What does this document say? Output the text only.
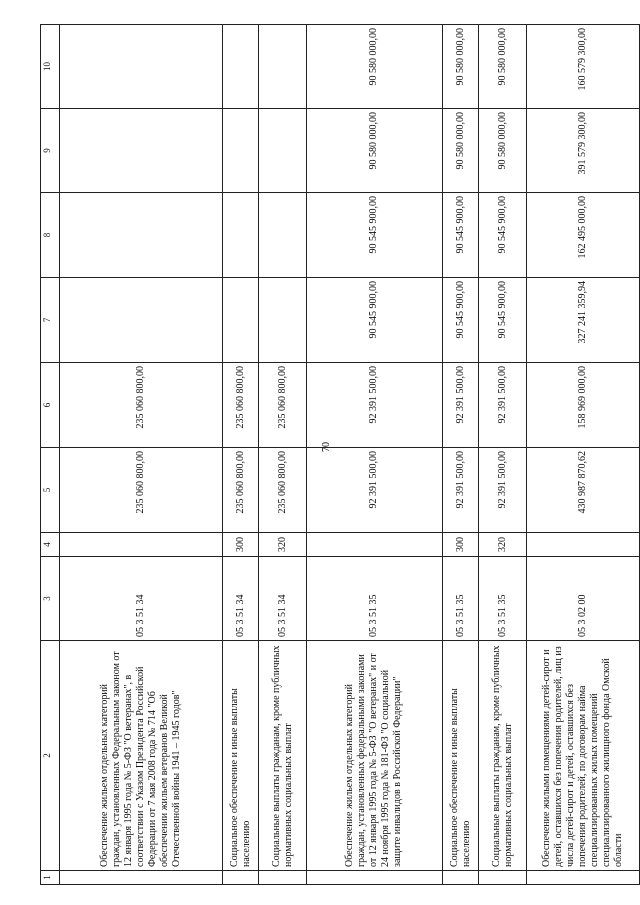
70
1	2	3	4	5	6	7	8	9	10
	Обеспечение жильем отдельных категорий граждан, установленных Федеральным законом от 12 января 1995 года № 5-ФЗ "О ветеранах", в соответствии с Указом Президента Российской Федерации от 7 мая 2008 года № 714 "Об обеспечении жильем ветеранов Великой Отечественной войны 1941 – 1945 годов"	05 3 51 34		235 060 800,00	235 060 800,00				
	Социальное обеспечение и иные выплаты населению	05 3 51 34	300	235 060 800,00	235 060 800,00				
	Социальные выплаты гражданам, кроме публичных нормативных социальных выплат	05 3 51 34	320	235 060 800,00	235 060 800,00				
	Обеспечение жильем отдельных категорий граждан, установленных федеральными законами от 12 января 1995 года № 5-ФЗ "О ветеранах" и от 24 ноября 1995 года № 181-ФЗ "О социальной защите инвалидов в Российской Федерации"	05 3 51 35		92 391 500,00	92 391 500,00	90 545 900,00	90 545 900,00	90 580 000,00	90 580 000,00
	Социальное обеспечение и иные выплаты населению	05 3 51 35	300	92 391 500,00	92 391 500,00	90 545 900,00	90 545 900,00	90 580 000,00	90 580 000,00
	Социальные выплаты гражданам, кроме публичных нормативных социальных выплат	05 3 51 35	320	92 391 500,00	92 391 500,00	90 545 900,00	90 545 900,00	90 580 000,00	90 580 000,00
	Обеспечение жилыми помещениями детей-сирот и детей, оставшихся без попечения родителей, лиц из числа детей-сирот и детей, оставшихся без попечения родителей, по договорам найма специализированных жилых помещений специализированного жилищного фонда Омской области	05 3 02 00		430 987 870,62	158 969 000,00	327 241 359,94	162 495 000,00	391 579 300,00	160 579 300,00
